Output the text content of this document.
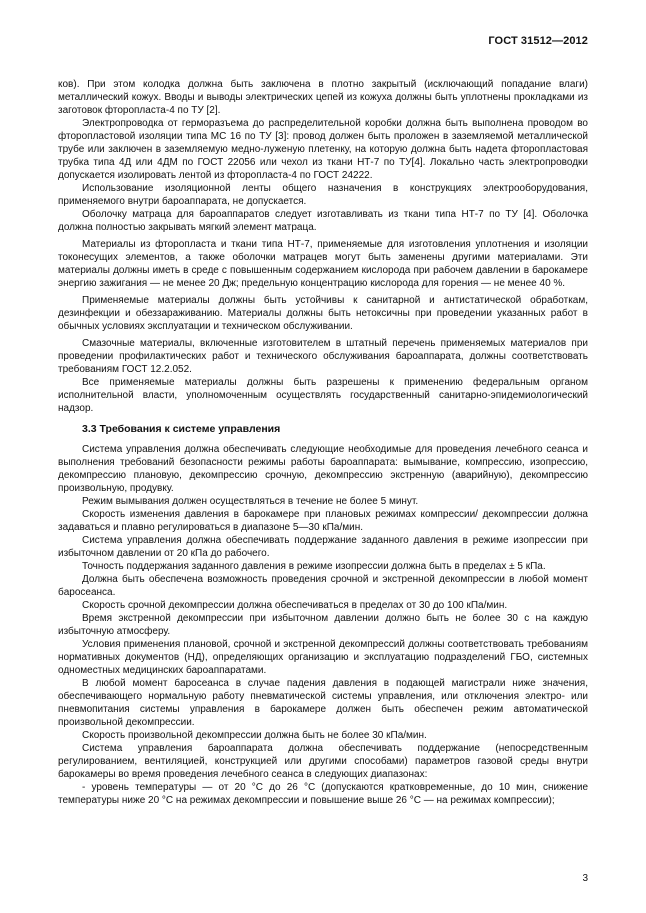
ГОСТ 31512—2012

ков). При этом колодка должна быть заключена в плотно закрытый (исключающий попадание влаги) металлический кожух. Вводы и выводы электрических цепей из кожуха должны быть уплотнены прокладками из заготовок фторопласта-4 по ТУ [2].

Электропроводка от гермоpазъема до распределительной коробки должна быть выполнена проводом во фторопластовой изоляции типа МС 16 по ТУ [3]: провод должен быть проложен в заземляемой металлической трубе или заключен в заземляемую медно-луженую плетенку, на которую должна быть надета фторопластовая трубка типа 4Д или 4ДМ по ГОСТ 22056 или чехол из ткани НТ-7 по ТУ[4]. Локально часть электропроводки допускается изолировать лентой из фторопласта-4 по ГОСТ 24222.

Использование изоляционной ленты общего назначения в конструкциях электрооборудования, применяемого внутри бароаппарата, не допускается.

Оболочку матраца для бароаппаратов следует изготавливать из ткани типа НТ-7 по ТУ [4]. Оболочка должна полностью закрывать мягкий элемент матраца.

Материалы из фторопласта и ткани типа НТ-7, применяемые для изготовления уплотнения и изоляции токонесущих элементов, а также оболочки матрацев могут быть заменены другими материалами. Эти материалы должны иметь в среде с повышенным содержанием кислорода при рабочем давлении в барокамере энергию зажигания — не менее 20 Дж; предельную концентрацию кислорода для горения — не менее 40 %.

Применяемые материалы должны быть устойчивы к санитарной и антистатической обработкам, дезинфекции и обеззараживанию. Материалы должны быть нетоксичны при проведении указанных работ в обычных условиях эксплуатации и техническом обслуживании.

Смазочные материалы, включенные изготовителем в штатный перечень применяемых материалов при проведении профилактических работ и технического обслуживания бароаппарата, должны соответствовать требованиям ГОСТ 12.2.052.

Все применяемые материалы должны быть разрешены к применению федеральным органом исполнительной власти, уполномоченным осуществлять государственный санитарно-эпидемиологический надзор.

3.3 Требования к системе управления

Система управления должна обеспечивать следующие необходимые для проведения лечебного сеанса и выполнения требований безопасности режимы работы бароаппарата: вымывание, компрессию, изопрессию, декомпрессию плановую, декомпрессию срочную, декомпрессию экстренную (аварийную), декомпрессию произвольную, продувку.

Режим вымывания должен осуществляться в течение не более 5 минут.

Скорость изменения давления в барокамере при плановых режимах компрессии/ декомпрессии должна задаваться и плавно регулироваться в диапазоне 5—30 кПа/мин.

Система управления должна обеспечивать поддержание заданного давления в режиме изопрессии при избыточном давлении от 20 кПа до рабочего.

Точность поддержания заданного давления в режиме изопрессии должна быть в пределах ± 5 кПа.

Должна быть обеспечена возможность проведения срочной и экстренной декомпрессии в любой момент бaросеанса.

Скорость срочной декомпрессии должна обеспечиваться в пределах от 30 до 100 кПа/мин.

Время экстренной декомпрессии при избыточном давлении должно быть не более 30 с на каждую избыточную атмосферу.

Условия применения плановой, срочной и экстренной декомпрессий должны соответствовать требованиям нормативных документов (НД), определяющих организацию и эксплуатацию подразделений ГБО, системных одноместных медицинских бароаппаратами.

В любой момент бaросеанса в случае падения давления в подающей магистрали ниже значения, обеспечивающего нормальную работу пневматической системы управления, или отключения электро- или пневмопитания системы управления в барокамере должен быть обеспечен режим автоматической произвольной декомпрессии.

Скорость произвольной декомпрессии должна быть не более 30 кПа/мин.

Система управления бароаппарата должна обеспечивать поддержание (непосредственным регулированием, вентиляцией, конструкцией или другими способами) параметров газовой среды внутри барокамеры во время проведения лечебного сеанса в следующих диапазонах:

- уровень температуры — от 20 °С до 26 °С (допускаются кратковременные, до 10 мин, снижение температуры ниже 20 °С на режимах декомпрессии и повышение выше 26 °С — на режимах компрессии);

3
